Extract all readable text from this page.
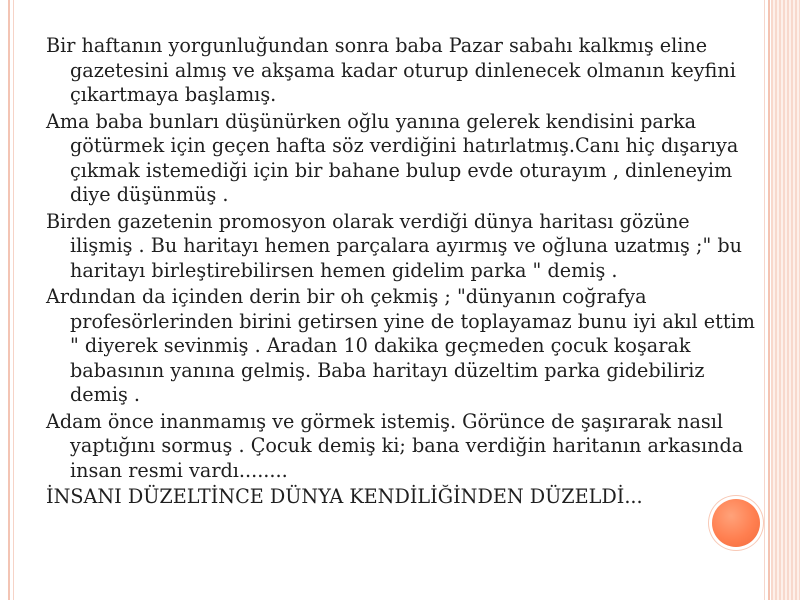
Bir haftanın yorgunluğundan sonra baba Pazar sabahı kalkmış eline gazetesini almış ve akşama kadar oturup dinlenecek olmanın keyfini çıkartmaya başlamış.

Ama baba bunları düşünürken oğlu yanına gelerek kendisini parka götürmek için geçen hafta söz verdiğini hatırlatmış.Canı hiç dışarıya çıkmak istemediği için bir bahane bulup evde oturayım , dinleneyim diye düşünmüş .

Birden gazetenin promosyon olarak verdiği dünya haritası gözüne ilişmiş . Bu haritayı hemen parçalara ayırmış ve oğluna uzatmış ;" bu haritayı birleştirebilirsen hemen gidelim parka " demiş .

Ardından da içinden derin bir oh çekmiş ; "dünyanın coğrafya profesörlerinden birini getirsen yine de toplayamaz bunu iyi akıl ettim " diyerek sevinmiş . Aradan 10 dakika geçmeden çocuk koşarak babasının yanına gelmiş. Baba haritayı düzeltim parka gidebiliriz demiş .

Adam önce inanmamış ve görmek istemiş. Görünce de şaşırarak nasıl yaptığını sormuş . Çocuk demiş ki; bana verdiğin haritanın arkasında insan resmi vardı........

İNSANI DÜZELTİNCE DÜNYA KENDİLİĞİNDEN DÜZELDİ...
